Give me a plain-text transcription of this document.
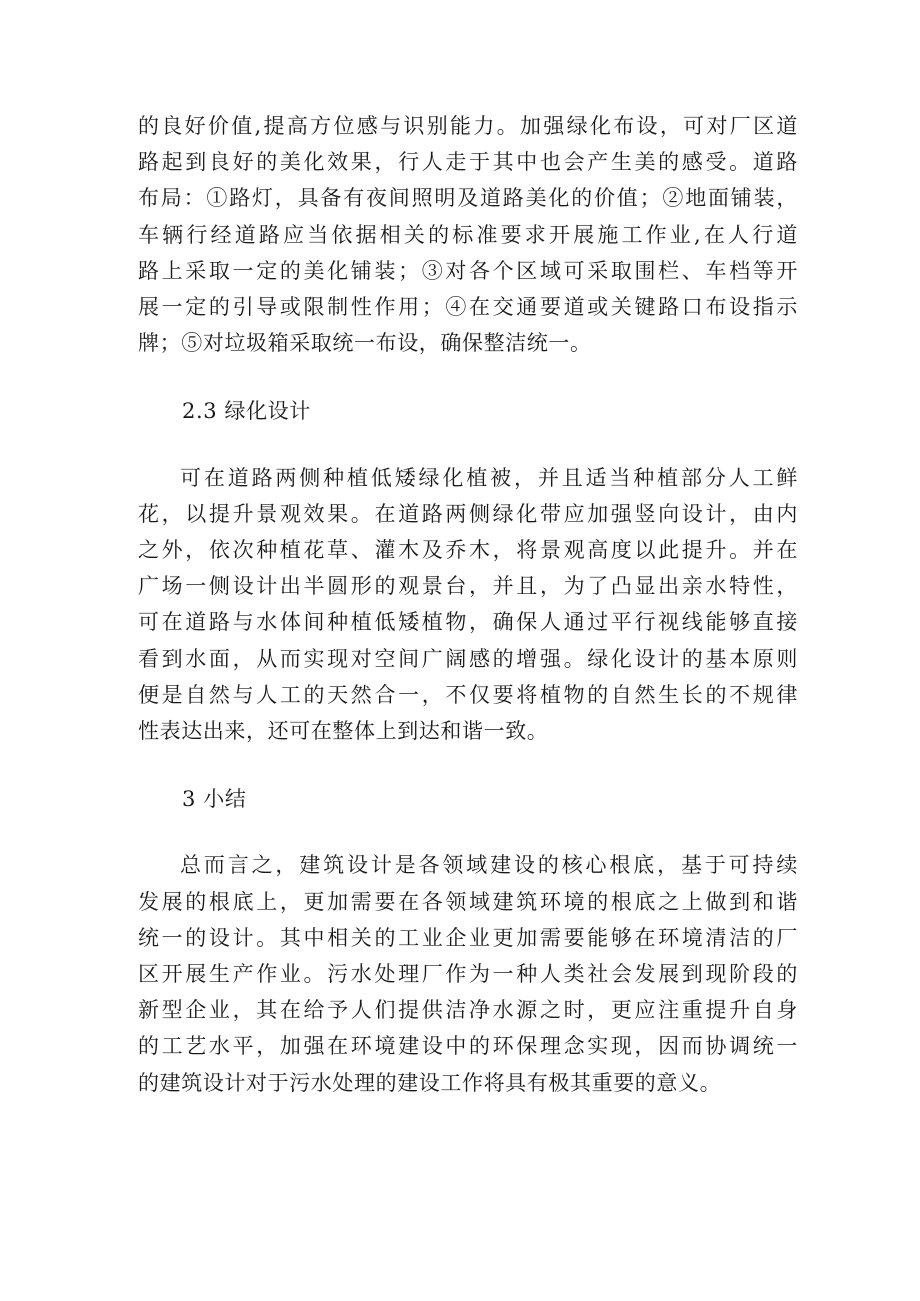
的良好价值,提高方位感与识别能力。加强绿化布设，可对厂区道
路起到良好的美化效果，行人走于其中也会产生美的感受。道路
布局：①路灯，具备有夜间照明及道路美化的价值；②地面铺装，
车辆行经道路应当依据相关的标准要求开展施工作业,在人行道
路上采取一定的美化铺装；③对各个区域可采取围栏、车档等开
展一定的引导或限制性作用；④在交通要道或关键路口布设指示
牌；⑤对垃圾箱采取统一布设，确保整洁统一。

2.3 绿化设计

可在道路两侧种植低矮绿化植被，并且适当种植部分人工鲜
花，以提升景观效果。在道路两侧绿化带应加强竖向设计，由内
之外，依次种植花草、灌木及乔木，将景观高度以此提升。并在
广场一侧设计出半圆形的观景台，并且，为了凸显出亲水特性，
可在道路与水体间种植低矮植物，确保人通过平行视线能够直接
看到水面，从而实现对空间广阔感的增强。绿化设计的基本原则
便是自然与人工的天然合一，不仅要将植物的自然生长的不规律
性表达出来，还可在整体上到达和谐一致。

3 小结

总而言之，建筑设计是各领域建设的核心根底，基于可持续
发展的根底上，更加需要在各领域建筑环境的根底之上做到和谐
统一的设计。其中相关的工业企业更加需要能够在环境清洁的厂
区开展生产作业。污水处理厂作为一种人类社会发展到现阶段的
新型企业，其在给予人们提供洁净水源之时，更应注重提升自身
的工艺水平，加强在环境建设中的环保理念实现，因而协调统一
的建筑设计对于污水处理的建设工作将具有极其重要的意义。
